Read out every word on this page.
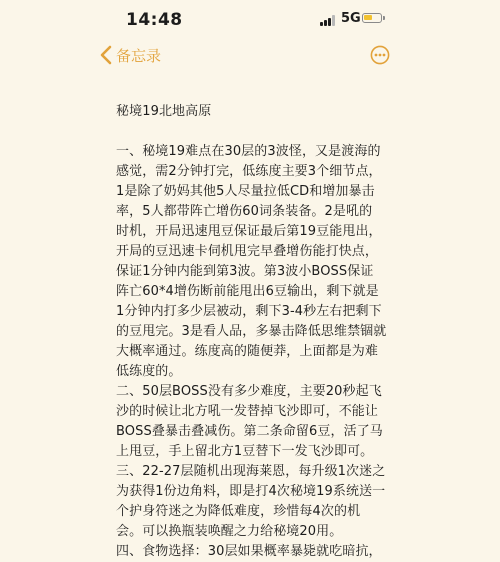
14:48	5G
备忘录

秘境19北地高原

一、秘境19难点在30层的3波怪，又是渡海的
感觉，需2分钟打完，低练度主要3个细节点，
1是除了奶妈其他5人尽量拉低CD和增加暴击
率，5人都带阵亡增伤60词条装备。2是吼的
时机，开局迅速甩豆保证最后第19豆能甩出，
开局的豆迅速卡伺机甩完早叠增伤能打快点，
保证1分钟内能到第3波。第3波小BOSS保证
阵亡60*4增伤断前能甩出6豆输出，剩下就是
1分钟内打多少层被动，剩下3-4秒左右把剩下
的豆甩完。3是看人品，多暴击降低思维禁锢就
大概率通过。练度高的随便莽，上面都是为难
低练度的。
二、50层BOSS没有多少难度，主要20秒起飞
沙的时候让北方吼一发替掉飞沙即可，不能让
BOSS叠暴击叠减伤。第二条命留6豆，活了马
上甩豆，手上留北方1豆替下一发飞沙即可。
三、22-27层随机出现海莱恩，每升级1次迷之
为获得1份边角料，即是打4次秘境19系统送一
个护身符迷之为降低难度，珍惜每4次的机
会。可以换瓶装唤醒之力给秘境20用。
四、食物选择：30层如果概率暴毙就吃暗抗，
